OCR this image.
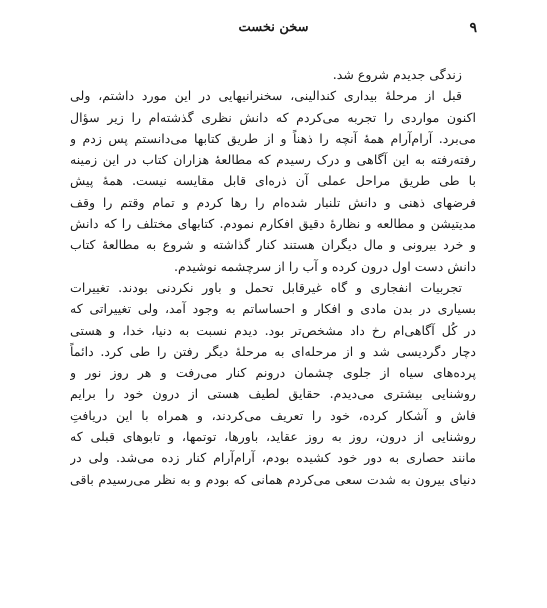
۹
سخن نخست
زندگی جدیدم شروع شد.
قبل از مرحلهٔ بیداری کندالینی، سخنرانیهایی در این مورد داشتم، ولی
اکنون مواردی را تجربه می‌کردم که دانش نظری گذشته‌ام را زیر سؤال
می‌برد. آرام‌آرام همهٔ آنچه را ذهناً و از طریق کتابها می‌دانستم پس زدم و
رفته‌رفته به این آگاهی و درک رسیدم که مطالعهٔ هزاران کتاب در این زمینه
با طی طریق مراحل عملی آن ذره‌ای قابل مقایسه نیست. همهٔ پیش
فرضهای ذهنی و دانش تلنبار شده‌ام را رها کردم و تمام وقتم را وقف
مدیتیشن و مطالعه و نظارهٔ دقیق افکارم نمودم. کتابهای مختلف را که دانش
و خرد بیرونی و مال دیگران هستند کنار گذاشته و شروع به مطالعهٔ کتاب
دانش دست اول درون کرده و آب را از سرچشمه نوشیدم.
تجربیات انفجاری و گاه غیرقابل تحمل و باور نکردنی بودند. تغییرات
بسیاری در بدن مادی و افکار و احساساتم به وجود آمد، ولی تغییراتی که
در کُل آگاهی‌ام رخ داد مشخص‌تر بود. دیدم نسبت به دنیا، خدا، و هستی
دچار دگردیسی شد و از مرحله‌ای به مرحلهٔ دیگر رفتن را طی کرد. دائماً
پرده‌های سیاه از جلوی چشمان درونم کنار می‌رفت و هر روز نور و
روشنایی بیشتری می‌دیدم. حقایق لطیف هستی از درون خود را برایم
فاش و آشکار کرده، خود را تعریف می‌کردند، و همراه با این دریافتِ
روشنایی از درون، روز به روز عقاید، باورها، توتمها، و تابوهای قبلی که
مانند حصاری به دور خود کشیده بودم، آرام‌آرام کنار زده می‌شد. ولی در
دنیای بیرون به شدت سعی می‌کردم همانی که بودم و به نظر می‌رسیدم باقی
